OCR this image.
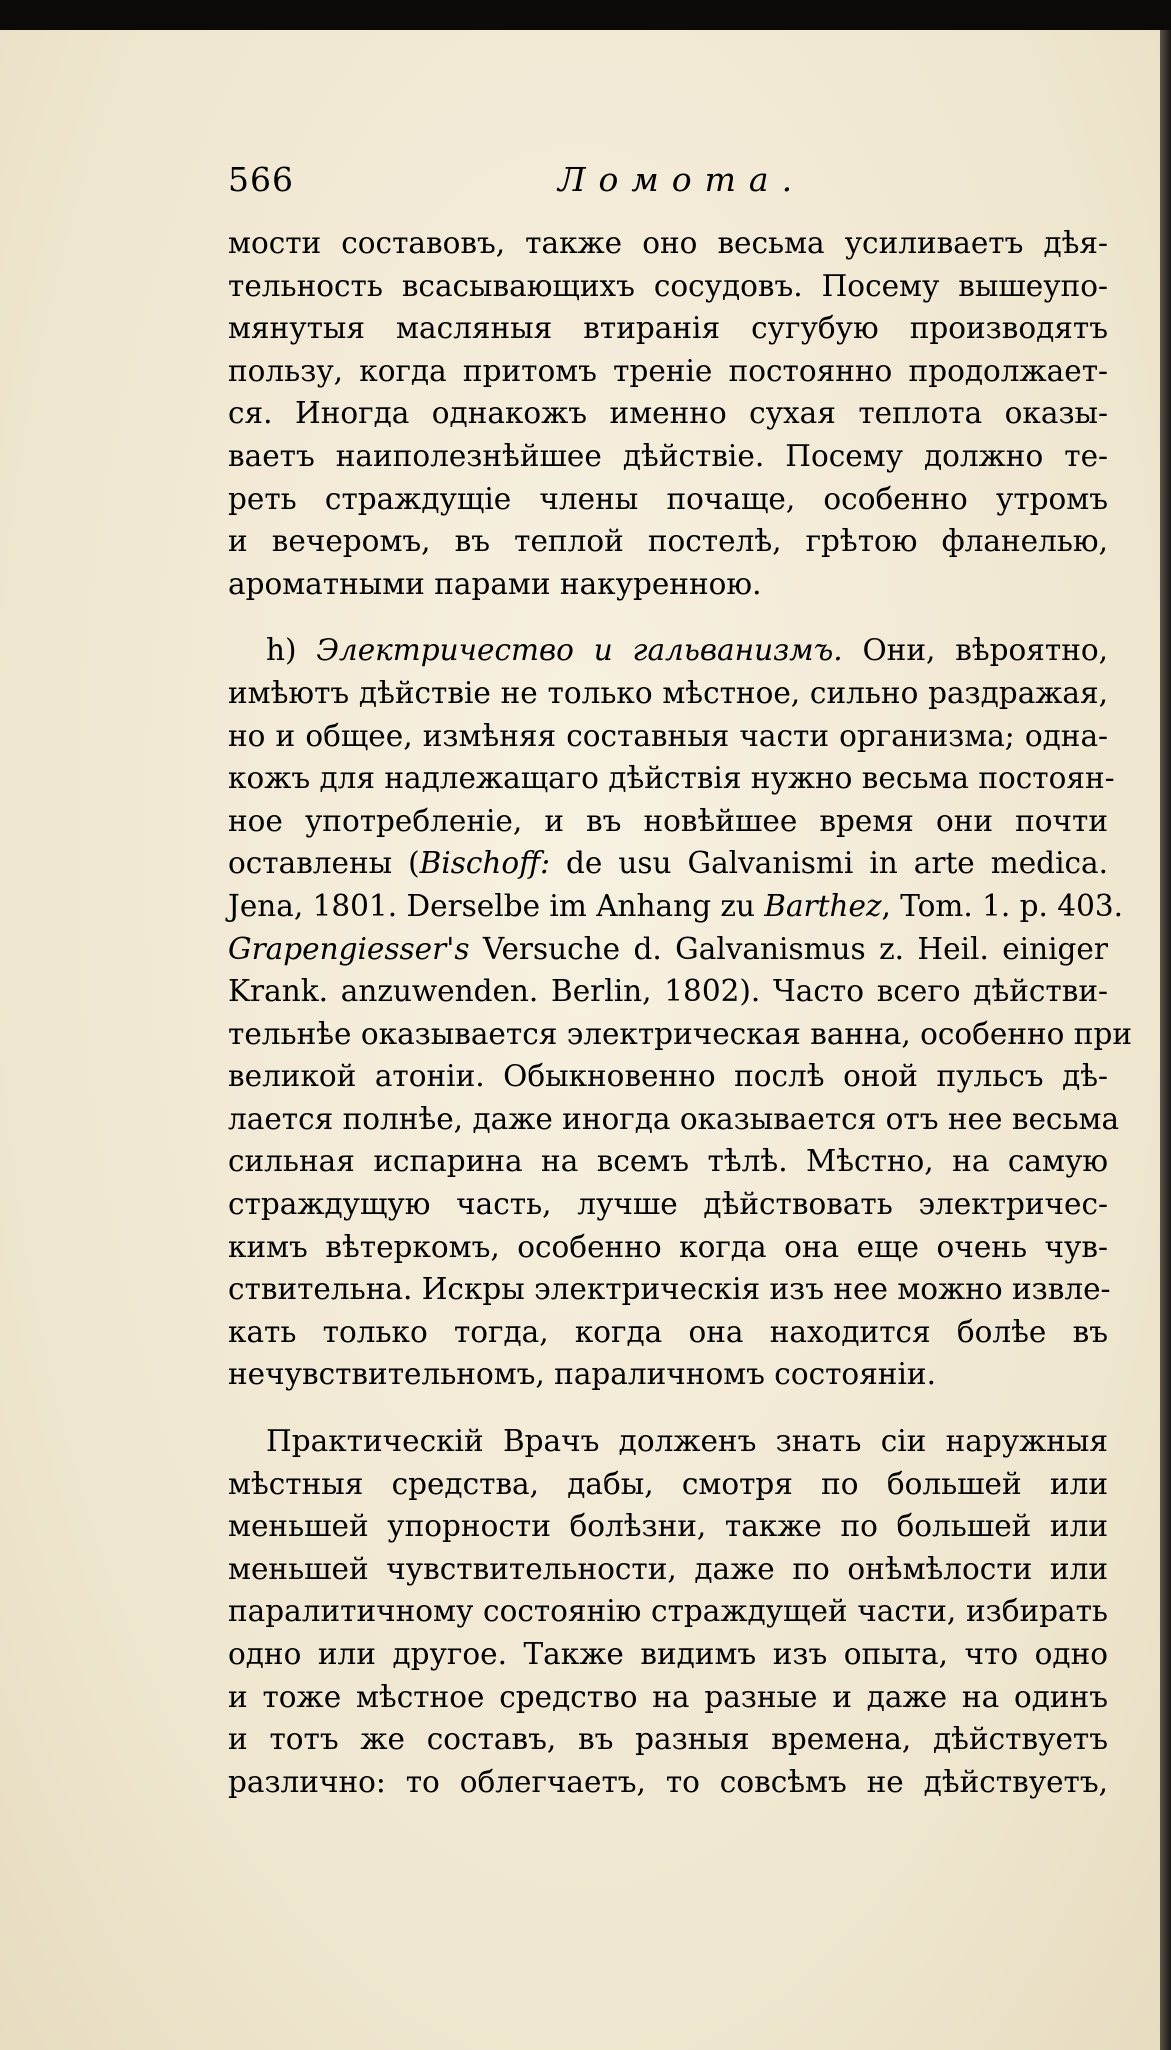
566	Ломота.

мости составовъ, также оно весьма усиливаетъ дѣя-
тельность всасывающихъ сосудовъ. Посему вышеупо-
мянутыя масляныя втиранія сугубую производятъ
пользу, когда притомъ треніе постоянно продолжает-
ся. Иногда однакожъ именно сухая теплота оказы-
ваетъ наиполезнѣйшее дѣйствіе. Посему должно те-
реть страждущіе члены почаще, особенно утромъ
и вечеромъ, въ теплой постелѣ, грѣтою фланелью,
ароматными парами накуренною.

h) Электричество и гальванизмъ. Они, вѣроятно,
имѣютъ дѣйствіе не только мѣстное, сильно раздражая,
но и общее, измѣняя составныя части организма; одна-
кожъ для надлежащаго дѣйствія нужно весьма постоян-
ное употребленіе, и въ новѣйшее время они почти
оставлены (Bischoff: de usu Galvanismi in arte medica.
Jena, 1801. Derselbe im Anhang zu Barthez, Tom. 1. p. 403.
Grapengiesser's Versuche d. Galvanismus z. Heil. einiger
Krank. anzuwenden. Berlin, 1802). Часто всего дѣйстви-
тельнѣе оказывается электрическая ванна, особенно при
великой атоніи. Обыкновенно послѣ оной пульсъ дѣ-
лается полнѣе, даже иногда оказывается отъ нее весьма
сильная испарина на всемъ тѣлѣ. Мѣстно, на самую
страждущую часть, лучше дѣйствовать электричес-
кимъ вѣтеркомъ, особенно когда она еще очень чув-
ствительна. Искры электрическія изъ нее можно извле-
кать только тогда, когда она находится болѣе въ
нечувствительномъ, параличномъ состояніи.

Практическій Врачъ долженъ знать сіи наружныя
мѣстныя средства, дабы, смотря по большей или
меньшей упорности болѣзни, также по большей или
меньшей чувствительности, даже по онѣмѣлости или
паралитичному состоянію страждущей части, избирать
одно или другое. Также видимъ изъ опыта, что одно
и тоже мѣстное средство на разные и даже на одинъ
и тотъ же составъ, въ разныя времена, дѣйствуетъ
различно: то облегчаетъ, то совсѣмъ не дѣйствуетъ,
